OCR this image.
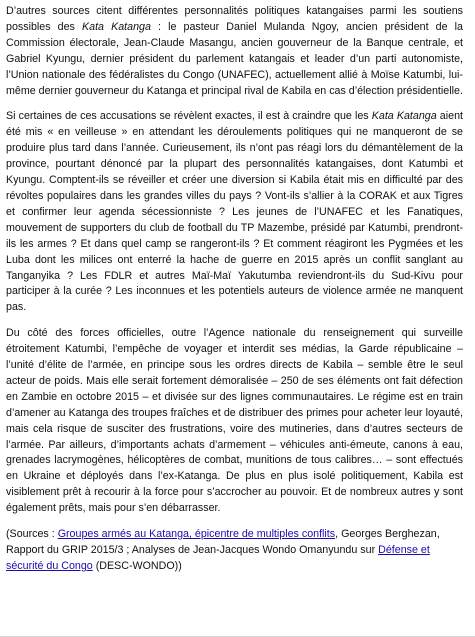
D’autres sources citent différentes personnalités politiques katangaises parmi les soutiens possibles des Kata Katanga : le pasteur Daniel Mulanda Ngoy, ancien président de la Commission électorale, Jean-Claude Masangu, ancien gouverneur de la Banque centrale, et Gabriel Kyungu, dernier président du parlement katangais et leader d’un parti autonomiste, l’Union nationale des fédéralistes du Congo (UNAFEC), actuellement allié à Moïse Katumbi, lui-même dernier gouverneur du Katanga et principal rival de Kabila en cas d’élection présidentielle.

Si certaines de ces accusations se révèlent exactes, il est à craindre que les Kata Katanga aient été mis « en veilleuse » en attendant les déroulements politiques qui ne manqueront de se produire plus tard dans l’année. Curieusement, ils n’ont pas réagi lors du démantèlement de la province, pourtant dénoncé par la plupart des personnalités katangaises, dont Katumbi et Kyungu. Comptent-ils se réveiller et créer une diversion si Kabila était mis en difficulté par des révoltes populaires dans les grandes villes du pays ? Vont-ils s’allier à la CORAK et aux Tigres et confirmer leur agenda sécessionniste ? Les jeunes de l’UNAFEC et les Fanatiques, mouvement de supporters du club de football du TP Mazembe, présidé par Katumbi, prendront-ils les armes ? Et dans quel camp se rangeront-ils ? Et comment réagiront les Pygmées et les Luba dont les milices ont enterré la hache de guerre en 2015 après un conflit sanglant au Tanganyika ? Les FDLR et autres Maï-Maï Yakutumba reviendront-ils du Sud-Kivu pour participer à la curée ? Les inconnues et les potentiels auteurs de violence armée ne manquent pas.

Du côté des forces officielles, outre l’Agence nationale du renseignement qui surveille étroitement Katumbi, l’empêche de voyager et interdit ses médias, la Garde républicaine – l’unité d’élite de l’armée, en principe sous les ordres directs de Kabila – semble être le seul acteur de poids. Mais elle serait fortement démoralisée – 250 de ses éléments ont fait défection en Zambie en octobre 2015 – et divisée sur des lignes communautaires. Le régime est en train d’amener au Katanga des troupes fraîches et de distribuer des primes pour acheter leur loyauté, mais cela risque de susciter des frustrations, voire des mutineries, dans d’autres secteurs de l’armée. Par ailleurs, d’importants achats d’armement – véhicules anti-émeute, canons à eau, grenades lacrymogènes, hélicoptères de combat, munitions de tous calibres… – sont effectués en Ukraine et déployés dans l’ex-Katanga. De plus en plus isolé politiquement, Kabila est visiblement prêt à recourir à la force pour s’accrocher au pouvoir. Et de nombreux autres y sont également prêts, mais pour s’en débarrasser.

(Sources : Groupes armés au Katanga, épicentre de multiples conflits, Georges Berghezan, Rapport du GRIP 2015/3 ; Analyses de Jean-Jacques Wondo Omanyundu sur Défense et sécurité du Congo (DESC-WONDO))
